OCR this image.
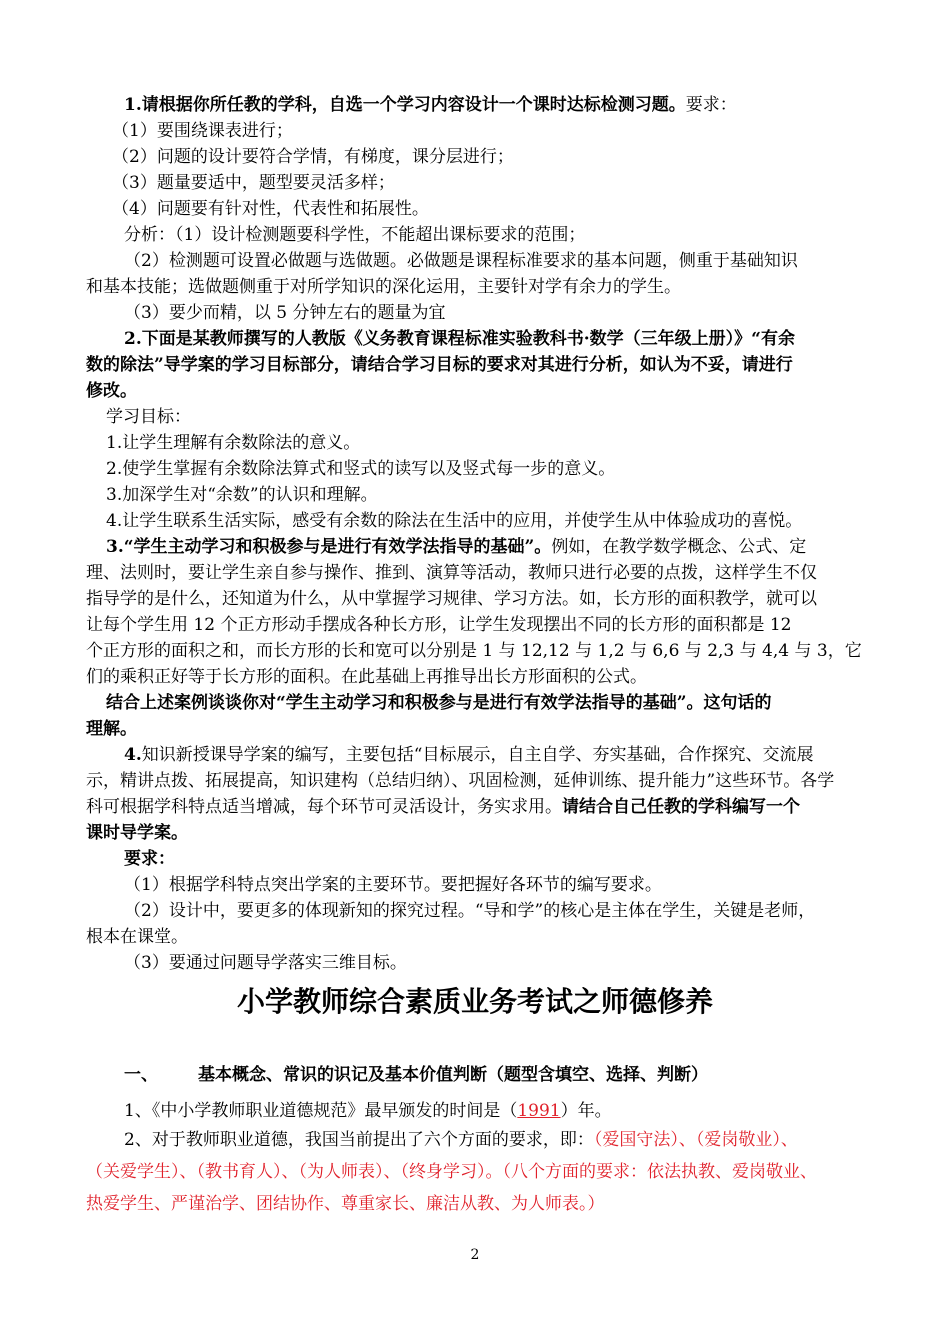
1.请根据你所任教的学科，自选一个学习内容设计一个课时达标检测习题。要求：
（1）要围绕课表进行；
（2）问题的设计要符合学情，有梯度，课分层进行；
（3）题量要适中，题型要灵活多样；
（4）问题要有针对性，代表性和拓展性。
分析：（1）设计检测题要科学性，不能超出课标要求的范围；
（2）检测题可设置必做题与选做题。必做题是课程标准要求的基本问题，侧重于基础知识
和基本技能；选做题侧重于对所学知识的深化运用，主要针对学有余力的学生。
（3）要少而精，以 5 分钟左右的题量为宜
2.下面是某教师撰写的人教版《义务教育课程标准实验教科书·数学（三年级上册）》“有余
数的除法”导学案的学习目标部分，请结合学习目标的要求对其进行分析，如认为不妥，请进行
修改。
学习目标：
1.让学生理解有余数除法的意义。
2.使学生掌握有余数除法算式和竖式的读写以及竖式每一步的意义。
3.加深学生对“余数”的认识和理解。
4.让学生联系生活实际，感受有余数的除法在生活中的应用，并使学生从中体验成功的喜悦。
3.“学生主动学习和积极参与是进行有效学法指导的基础”。例如，在教学数学概念、公式、定
理、法则时，要让学生亲自参与操作、推到、演算等活动，教师只进行必要的点拨，这样学生不仅
指导学的是什么，还知道为什么，从中掌握学习规律、学习方法。如，长方形的面积教学，就可以
让每个学生用 12 个正方形动手摆成各种长方形，让学生发现摆出不同的长方形的面积都是 12
个正方形的面积之和，而长方形的长和宽可以分别是 1 与 12,12 与 1,2 与 6,6 与 2,3 与 4,4 与 3，它
们的乘积正好等于长方形的面积。在此基础上再推导出长方形面积的公式。
结合上述案例谈谈你对“学生主动学习和积极参与是进行有效学法指导的基础”。这句话的
理解。
4.知识新授课导学案的编写，主要包括“目标展示，自主自学、夯实基础，合作探究、交流展
示，精讲点拨、拓展提高，知识建构（总结归纳）、巩固检测，延伸训练、提升能力”这些环节。各学
科可根据学科特点适当增减，每个环节可灵活设计，务实求用。请结合自己任教的学科编写一个
课时导学案。
要求：
（1）根据学科特点突出学案的主要环节。要把握好各环节的编写要求。
（2）设计中，要更多的体现新知的探究过程。“导和学”的核心是主体在学生，关键是老师，
根本在课堂。
（3）要通过问题导学落实三维目标。
小学教师综合素质业务考试之师德修养
一、 基本概念、常识的识记及基本价值判断（题型含填空、选择、判断）
1、《中小学教师职业道德规范》最早颁发的时间是（1991）年。
2、对于教师职业道德，我国当前提出了六个方面的要求，即：（爱国守法）、（爱岗敬业）、
（关爱学生）、（教书育人）、（为人师表）、（终身学习）。（八个方面的要求：依法执教、爱岗敬业、
热爱学生、严谨治学、团结协作、尊重家长、廉洁从教、为人师表。）
2
